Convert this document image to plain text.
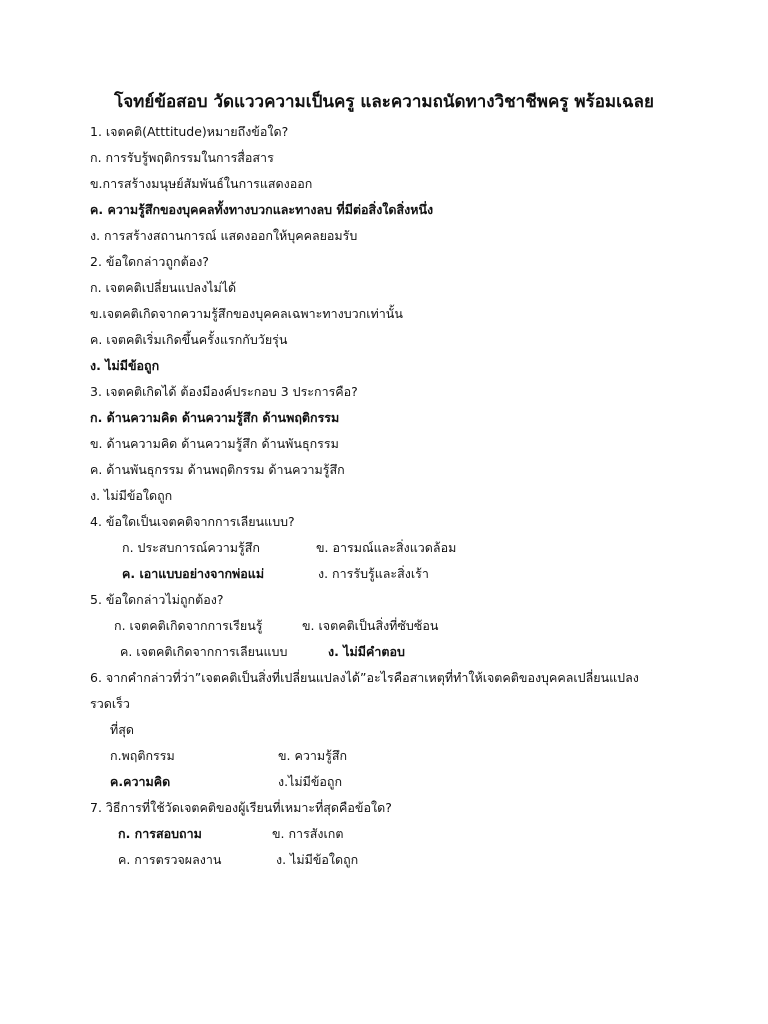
โจทย์ข้อสอบ วัดแววความเป็นครู และความถนัดทางวิชาชีพครู พร้อมเฉลย
1. เจตคติ(Atttitude)หมายถึงข้อใด?
ก. การรับรู้พฤติกรรมในการสื่อสาร
ข.การสร้างมนุษย์สัมพันธ์ในการแสดงออก
ค. ความรู้สึกของบุคคลทั้งทางบวกและทางลบ ที่มีต่อสิ่งใดสิ่งหนึ่ง
ง. การสร้างสถานการณ์ แสดงออกให้บุคคลยอมรับ
2. ข้อใดกล่าวถูกต้อง?
ก. เจตคติเปลี่ยนแปลงไม่ได้
ข.เจตคติเกิดจากความรู้สึกของบุคคลเฉพาะทางบวกเท่านั้น
ค. เจตคติเริ่มเกิดขึ้นครั้งแรกกับวัยรุ่น
ง. ไม่มีข้อถูก
3. เจตคติเกิดได้ ต้องมีองค์ประกอบ 3 ประการคือ?
ก. ด้านความคิด ด้านความรู้สึก ด้านพฤติกรรม
ข. ด้านความคิด ด้านความรู้สึก ด้านพันธุกรรม
ค. ด้านพันธุกรรม ด้านพฤติกรรม ด้านความรู้สึก
ง. ไม่มีข้อใดถูก
4. ข้อใดเป็นเจตคติจากการเลียนแบบ?
ก. ประสบการณ์ความรู้สึก	ข. อารมณ์และสิ่งแวดล้อม
ค. เอาแบบอย่างจากพ่อแม่	ง. การรับรู้และสิ่งเร้า
5. ข้อใดกล่าวไม่ถูกต้อง?
ก. เจตคติเกิดจากการเรียนรู้	ข. เจตคติเป็นสิ่งที่ซับซ้อน
ค. เจตคติเกิดจากการเลียนแบบ	ง. ไม่มีคำตอบ
6. จากคำกล่าวที่ว่า”เจตคติเป็นสิ่งที่เปลี่ยนแปลงได้”อะไรคือสาเหตุที่ทำให้เจตคติของบุคคลเปลี่ยนแปลง
รวดเร็ว
ที่สุด
ก.พฤติกรรม	ข. ความรู้สึก
ค.ความคิด	ง.ไม่มีข้อถูก
7. วิธีการที่ใช้วัดเจตคติของผู้เรียนที่เหมาะที่สุดคือข้อใด?
ก. การสอบถาม	ข. การสังเกต
ค. การตรวจผลงาน	ง. ไม่มีข้อใดถูก
